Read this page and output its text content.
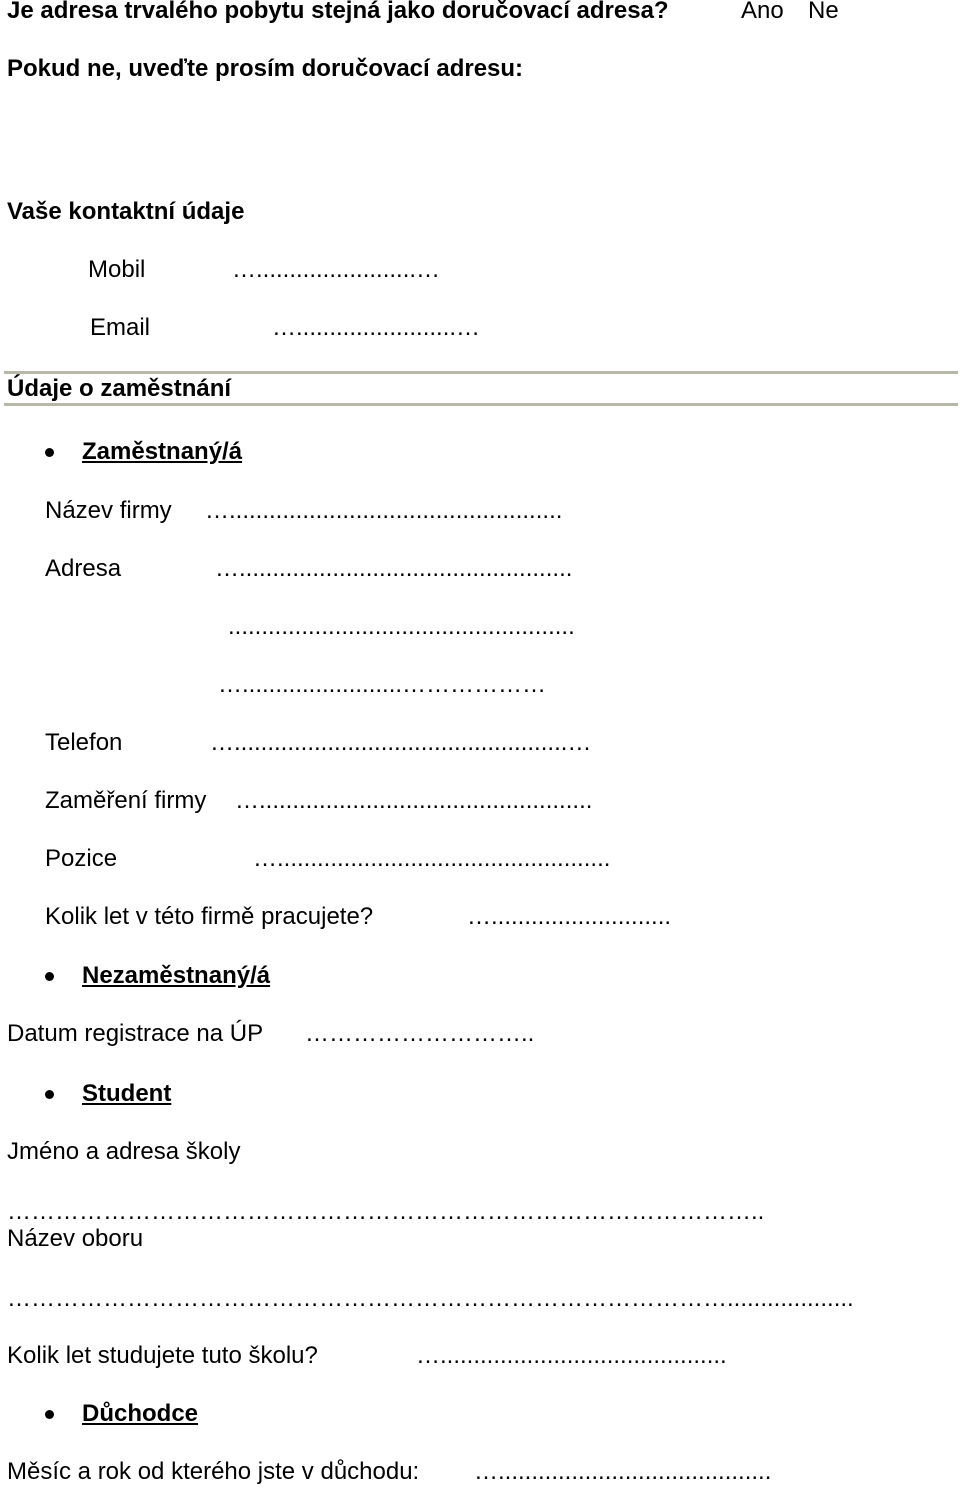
Je adresa trvalého pobytu stejná jako doručovací adresa?	Ano Ne
Pokud ne, uveďte prosím doručovací adresu:
Vaše kontaktní údaje
Mobil	…........................…
Email	…........................…
Údaje o zaměstnání
Zaměstnaný/á
Název firmy …..................................................
Adresa	…..................................................
....................................................
…........................………………
Telefon	…..................................................…
Zaměření firmy …..................................................
Pozice	…..................................................
Kolik let v této firmě pracujete?	…...........................
Nezaměstnaný/á
Datum registrace na ÚP ………………………..
Student
Jméno a adresa školy
…………………………………………………………………………………..
Název oboru
………………………………………………………………………………...................
Kolik let studujete tuto školu?	…...........................................
Důchodce
Měsíc a rok od kterého jste v důchodu: ….........................................
